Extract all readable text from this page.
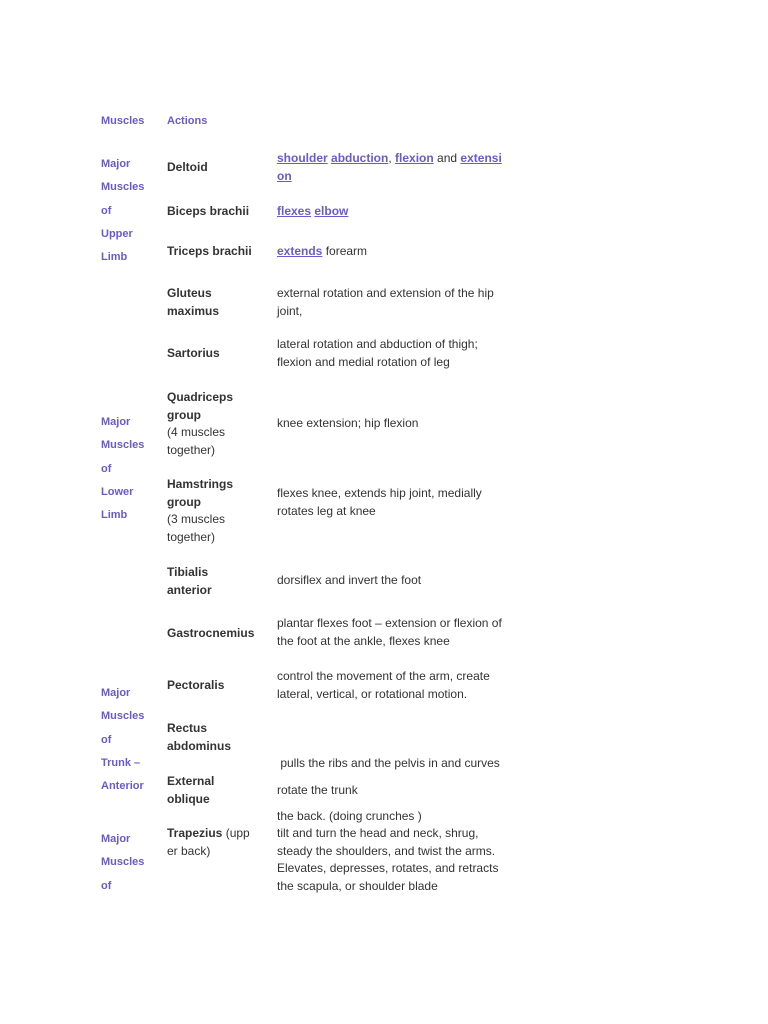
Muscles Actions
Major
Muscles
of
Upper
Limb
Major
Muscles
of
Lower
Limb
Major
Muscles
of
Trunk –
Anterior
Major
Muscles
of
Deltoid
shoulder abduction, flexion and extensi
on
Biceps brachii	flexes elbow
Triceps brachii	extends forearm
Gluteus
maximus
external rotation and extension of the hip
joint,
Sartorius
lateral rotation and abduction of thigh;
flexion and medial rotation of leg
Quadriceps
group
(4 muscles
together)
knee extension; hip flexion
Hamstrings
group
(3 muscles
together)
flexes knee, extends hip joint, medially
rotates leg at knee
Tibialis
anterior
dorsiflex and invert the foot
Gastrocnemius
plantar flexes foot – extension or flexion of
the foot at the ankle, flexes knee
Pectoralis
control the movement of the arm, create
lateral, vertical, or rotational motion.
Rectus
abdominus

pulls the ribs and the pelvis in and curves

the back. (doing crunches )

External
oblique
rotate the trunk
Trapezius (upp
er back)
tilt and turn the head and neck, shrug,
steady the shoulders, and twist the arms.
Elevates, depresses, rotates, and retracts
the scapula, or shoulder blade
